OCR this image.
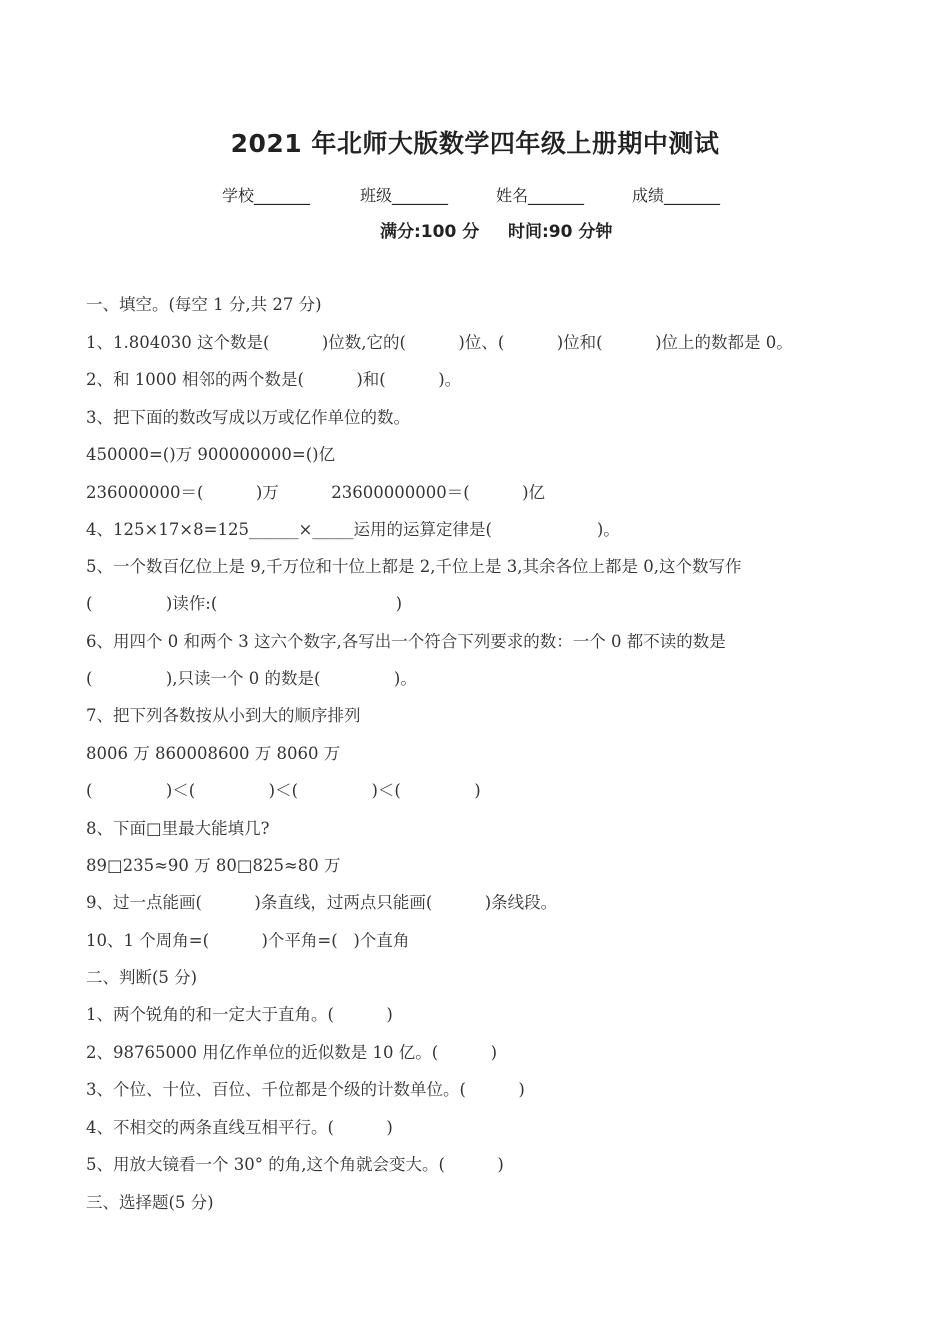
2021 年北师大版数学四年级上册期中测试
学校_______	班级_______	姓名_______	成绩_______
满分:100 分 时间:90 分钟
一、填空。(每空 1 分,共 27 分)
1、1.804030 这个数是(          )位数,它的(          )位、(          )位和(          )位上的数都是 0。
2、和 1000 相邻的两个数是(          )和(          )。
3、把下面的数改写成以万或亿作单位的数。
450000=()万 900000000=()亿
236000000＝(          )万          23600000000＝(          )亿
4、125×17×8=125______×_____运用的运算定律是(                    )。
5、一个数百亿位上是 9,千万位和十位上都是 2,千位上是 3,其余各位上都是 0,这个数写作
(              )读作:(                                  )
6、用四个 0 和两个 3 这六个数字,各写出一个符合下列要求的数：一个 0 都不读的数是
(              ),只读一个 0 的数是(              )。
7、把下列各数按从小到大的顺序排列
8006 万 860008600 万 8060 万
(              )＜(              )＜(              )＜(              )
8、下面□里最大能填几?
89□235≈90 万 80□825≈80 万
9、过一点能画(          )条直线，过两点只能画(          )条线段。
10、1 个周角=(          )个平角=(   )个直角
二、判断(5 分)
1、两个锐角的和一定大于直角。(          )
2、98765000 用亿作单位的近似数是 10 亿。(          )
3、个位、十位、百位、千位都是个级的计数单位。(          )
4、不相交的两条直线互相平行。(          )
5、用放大镜看一个 30° 的角,这个角就会变大。(          )
三、选择题(5 分)
